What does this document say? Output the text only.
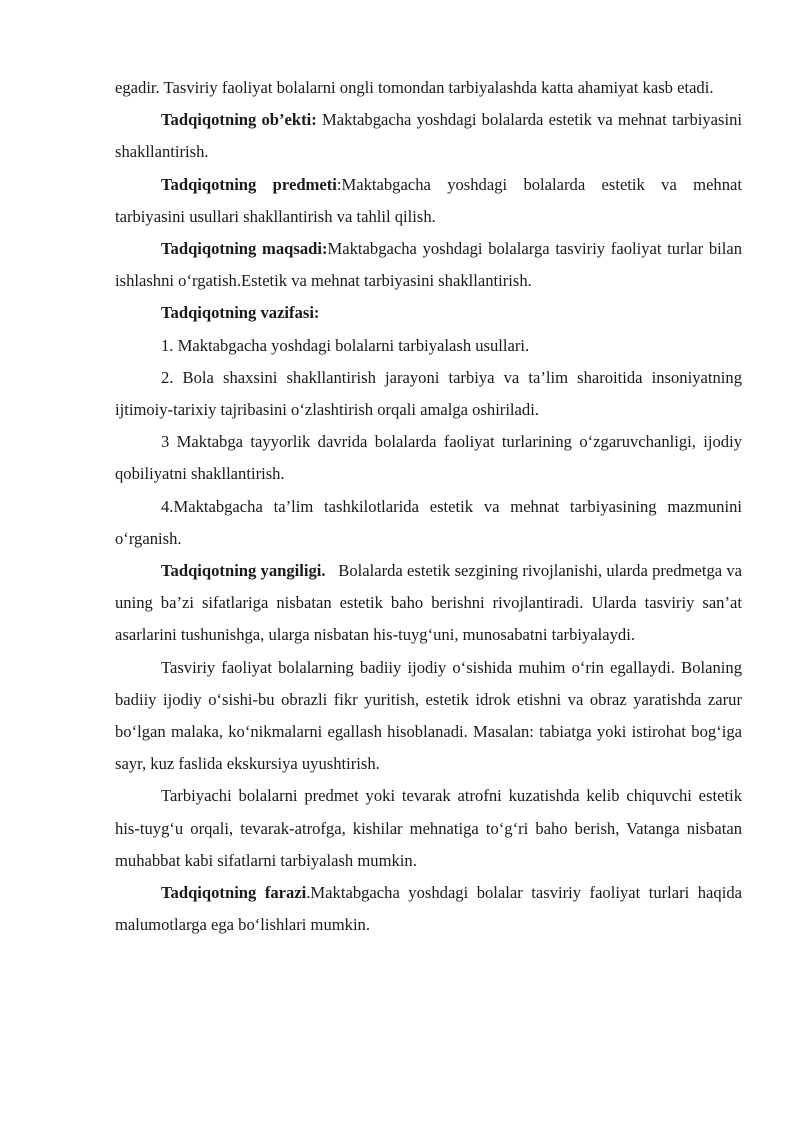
egadir. Tasviriy faoliyat bolalarni ongli tomondan tarbiyalashda katta ahamiyat kasb etadi.

Tadqiqotning ob’ekti: Maktabgacha yoshdagi bolalarda estetik va mehnat tarbiyasini shakllantirish.

Tadqiqotning predmeti:Maktabgacha yoshdagi bolalarda estetik va mehnat tarbiyasini usullari shakllantirish va tahlil qilish.

Tadqiqotning maqsadi:Maktabgacha yoshdagi bolalarga tasviriy faoliyat turlar bilan ishlashni o‘rgatish.Estetik va mehnat tarbiyasini shakllantirish.

Tadqiqotning vazifasi:

1. Maktabgacha yoshdagi bolalarni tarbiyalash usullari.

2. Bola shaxsini shakllantirish jarayoni tarbiya va ta’lim sharoitida insoniyatning ijtimoiy-tarixiy tajribasini o‘zlashtirish orqali amalga oshiriladi.

3 Maktabga tayyorlik davrida bolalarda faoliyat turlarining o‘zgaruvchanligi, ijodiy qobiliyatni shakllantirish.

4.Maktabgacha ta’lim tashkilotlarida estetik va mehnat tarbiyasining mazmunini o‘rganish.

Tadqiqotning yangiligi.   Bolalarda estetik sezgining rivojlanishi, ularda predmetga va uning ba’zi sifatlariga nisbatan estetik baho berishni rivojlantiradi. Ularda tasviriy san’at asarlarini tushunishga, ularga nisbatan his-tuyg‘uni, munosabatni tarbiyalaydi.

Tasviriy faoliyat bolalarning badiiy ijodiy o‘sishida muhim o‘rin egallaydi. Bolaning badiiy ijodiy o‘sishi-bu obrazli fikr yuritish, estetik idrok etishni va obraz yaratishda zarur bo‘lgan malaka, ko‘nikmalarni egallash hisoblanadi. Masalan: tabiatga yoki istirohat bog‘iga sayr, kuz faslida ekskursiya uyushtirish.

Tarbiyachi bolalarni predmet yoki tevarak atrofni kuzatishda kelib chiquvchi estetik his-tuyg‘u orqali, tevarak-atrofga, kishilar mehnatiga to‘g‘ri baho berish, Vatanga nisbatan muhabbat kabi sifatlarni tarbiyalash mumkin.

Tadqiqotning farazi.Maktabgacha yoshdagi bolalar tasviriy faoliyat turlari haqida malumotlarga ega bo‘lishlari mumkin.
